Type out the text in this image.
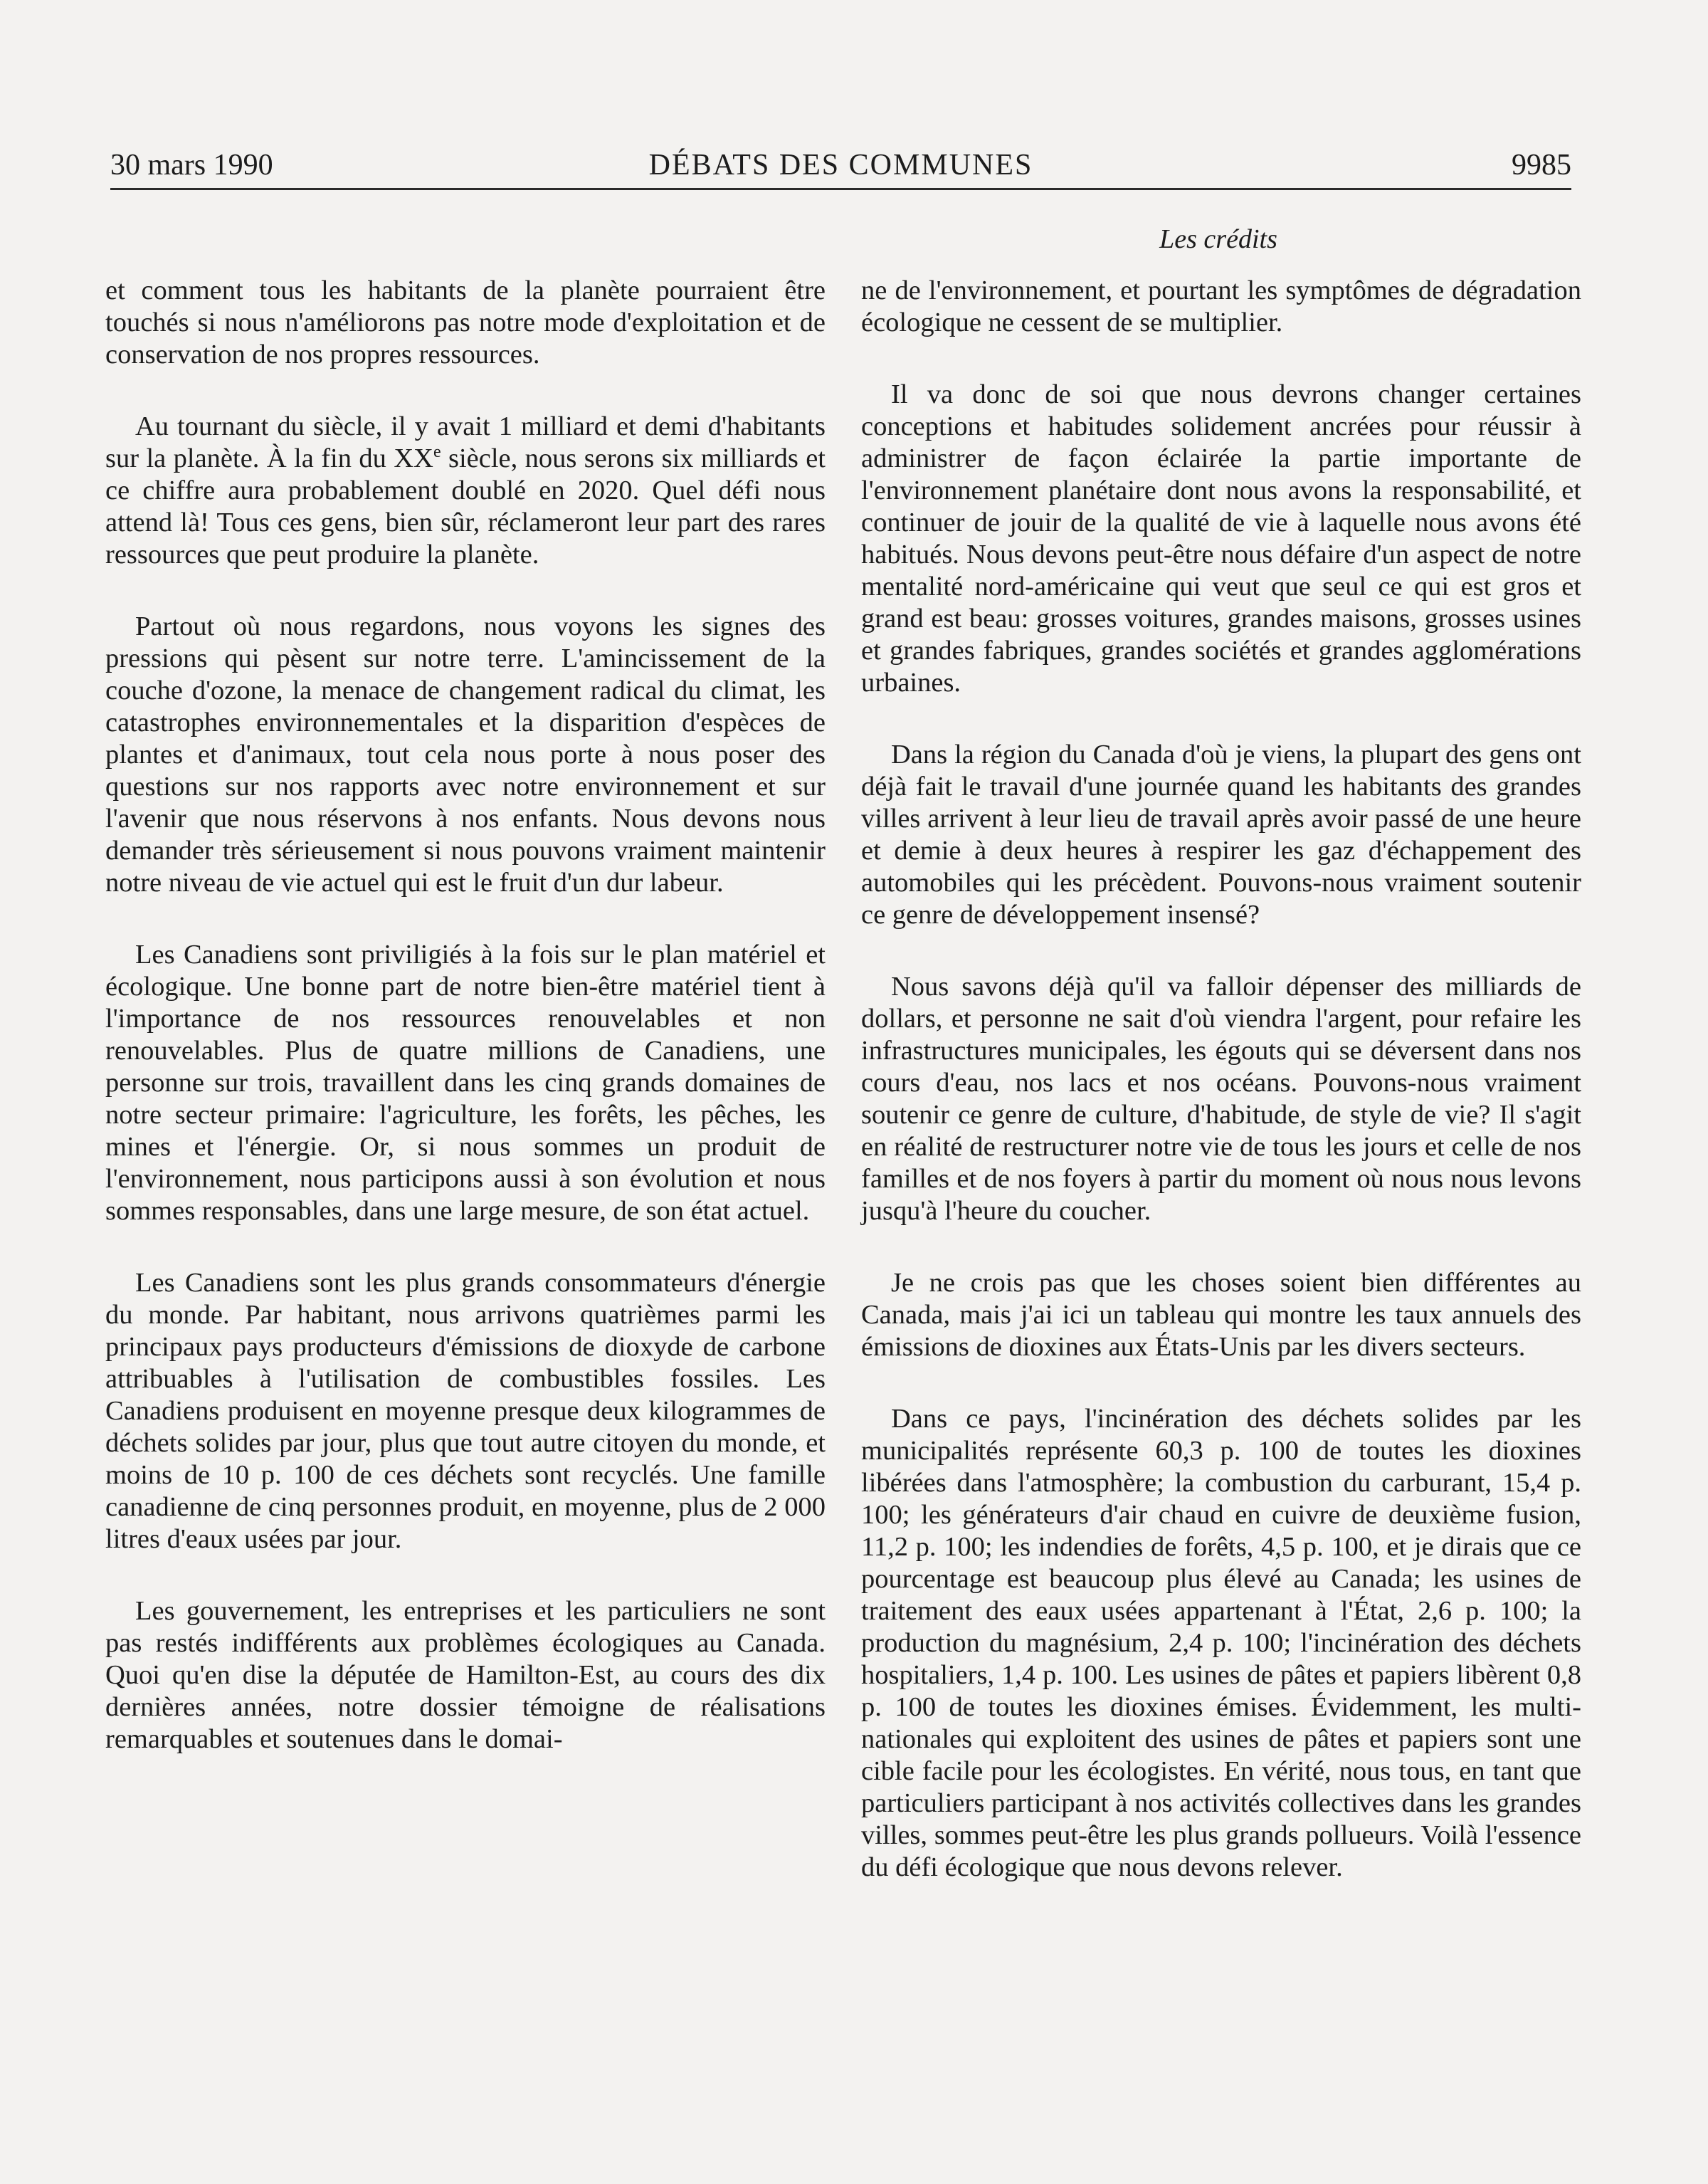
30 mars 1990	DÉBATS DES COMMUNES	9985
Les crédits

et comment tous les habitants de la planète pourraient être touchés si nous n'améliorons pas notre mode d'exploitation et de conservation de nos propres ressources.

Au tournant du siècle, il y avait 1 milliard et demi d'habitants sur la planète. À la fin du XXe siècle, nous serons six milliards et ce chiffre aura probablement doublé en 2020. Quel défi nous attend là! Tous ces gens, bien sûr, réclameront leur part des rares ressources que peut produire la planète.

Partout où nous regardons, nous voyons les signes des pressions qui pèsent sur notre terre. L'amincissement de la couche d'ozone, la menace de changement radical du climat, les catastrophes environnementales et la disparition d'espèces de plantes et d'animaux, tout cela nous porte à nous poser des questions sur nos rapports avec notre environnement et sur l'avenir que nous réservons à nos enfants. Nous devons nous demander très sérieusement si nous pouvons vraiment maintenir notre niveau de vie actuel qui est le fruit d'un dur labeur.

Les Canadiens sont priviligiés à la fois sur le plan matériel et écologique. Une bonne part de notre bien-être matériel tient à l'importance de nos ressources renouvelables et non renouvelables. Plus de quatre millions de Canadiens, une personne sur trois, travaillent dans les cinq grands domaines de notre secteur primaire: l'agriculture, les forêts, les pêches, les mines et l'énergie. Or, si nous sommes un produit de l'environnement, nous participons aussi à son évolution et nous sommes responsables, dans une large mesure, de son état actuel.

Les Canadiens sont les plus grands consommateurs d'énergie du monde. Par habitant, nous arrivons quatrièmes parmi les principaux pays producteurs d'émissions de dioxyde de carbone attribuables à l'utilisation de combustibles fossiles. Les Canadiens produisent en moyenne presque deux kilogrammes de déchets solides par jour, plus que tout autre citoyen du monde, et moins de 10 p. 100 de ces déchets sont recyclés. Une famille canadienne de cinq personnes produit, en moyenne, plus de 2 000 litres d'eaux usées par jour.

Les gouvernement, les entreprises et les particuliers ne sont pas restés indifférents aux problèmes écologiques au Canada. Quoi qu'en dise la députée de Hamilton-Est, au cours des dix dernières années, notre dossier témoigne de réalisations remarquables et soutenues dans le domai-

ne de l'environnement, et pourtant les symptômes de dégradation écologique ne cessent de se multiplier.

Il va donc de soi que nous devrons changer certaines conceptions et habitudes solidement ancrées pour réussir à administrer de façon éclairée la partie importante de l'environnement planétaire dont nous avons la responsabilité, et continuer de jouir de la qualité de vie à laquelle nous avons été habitués. Nous devons peut-être nous défaire d'un aspect de notre mentalité nord-américaine qui veut que seul ce qui est gros et grand est beau: grosses voitures, grandes maisons, grosses usines et grandes fabriques, grandes sociétés et grandes agglomérations urbaines.

Dans la région du Canada d'où je viens, la plupart des gens ont déjà fait le travail d'une journée quand les habitants des grandes villes arrivent à leur lieu de travail après avoir passé de une heure et demie à deux heures à respirer les gaz d'échappement des automobiles qui les précèdent. Pouvons-nous vraiment soutenir ce genre de développement insensé?

Nous savons déjà qu'il va falloir dépenser des milliards de dollars, et personne ne sait d'où viendra l'argent, pour refaire les infrastructures municipales, les égouts qui se déversent dans nos cours d'eau, nos lacs et nos océans. Pouvons-nous vraiment soutenir ce genre de culture, d'habitude, de style de vie? Il s'agit en réalité de restructurer notre vie de tous les jours et celle de nos familles et de nos foyers à partir du moment où nous nous levons jusqu'à l'heure du coucher.

Je ne crois pas que les choses soient bien différentes au Canada, mais j'ai ici un tableau qui montre les taux annuels des émissions de dioxines aux États-Unis par les divers secteurs.

Dans ce pays, l'incinération des déchets solides par les municipalités représente 60,3 p. 100 de toutes les dioxines libérées dans l'atmosphère; la combustion du carburant, 15,4 p. 100; les générateurs d'air chaud en cuivre de deuxième fusion, 11,2 p. 100; les indendies de forêts, 4,5 p. 100, et je dirais que ce pourcentage est beaucoup plus élevé au Canada; les usines de traitement des eaux usées appartenant à l'État, 2,6 p. 100; la production du magnésium, 2,4 p. 100; l'incinération des déchets hospitaliers, 1,4 p. 100. Les usines de pâtes et papiers libèrent 0,8 p. 100 de toutes les dioxines émises. Évidemment, les multinationales qui exploitent des usines de pâtes et papiers sont une cible facile pour les écologistes. En vérité, nous tous, en tant que particuliers participant à nos activités collectives dans les grandes villes, sommes peut-être les plus grands pollueurs. Voilà l'essence du défi écologique que nous devons relever.
